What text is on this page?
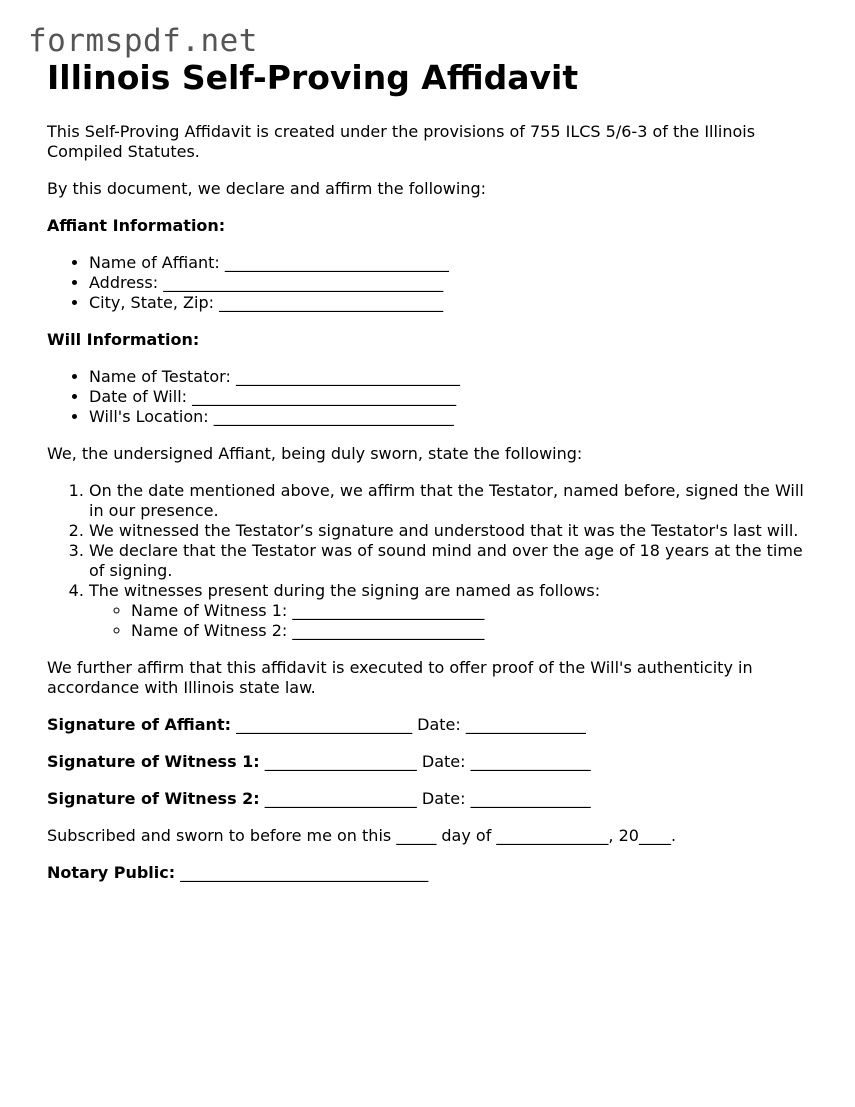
formspdf.net
Illinois Self-Proving Affidavit

This Self-Proving Affidavit is created under the provisions of 755 ILCS 5/6-3 of the Illinois Compiled Statutes.

By this document, we declare and affirm the following:

Affiant Information:

• Name of Affiant: ____________________________
• Address: ___________________________________
• City, State, Zip: ____________________________

Will Information:

• Name of Testator: ____________________________
• Date of Will: _________________________________
• Will's Location: ______________________________

We, the undersigned Affiant, being duly sworn, state the following:

1. On the date mentioned above, we affirm that the Testator, named before, signed the Will in our presence.
2. We witnessed the Testator’s signature and understood that it was the Testator's last will.
3. We declare that the Testator was of sound mind and over the age of 18 years at the time of signing.
4. The witnesses present during the signing are named as follows:
◦ Name of Witness 1: ________________________
◦ Name of Witness 2: ________________________

We further affirm that this affidavit is executed to offer proof of the Will's authenticity in accordance with Illinois state law.

Signature of Affiant: ______________________ Date: _______________

Signature of Witness 1: ___________________ Date: _______________

Signature of Witness 2: ___________________ Date: _______________

Subscribed and sworn to before me on this _____ day of ______________, 20____.

Notary Public: _______________________________
